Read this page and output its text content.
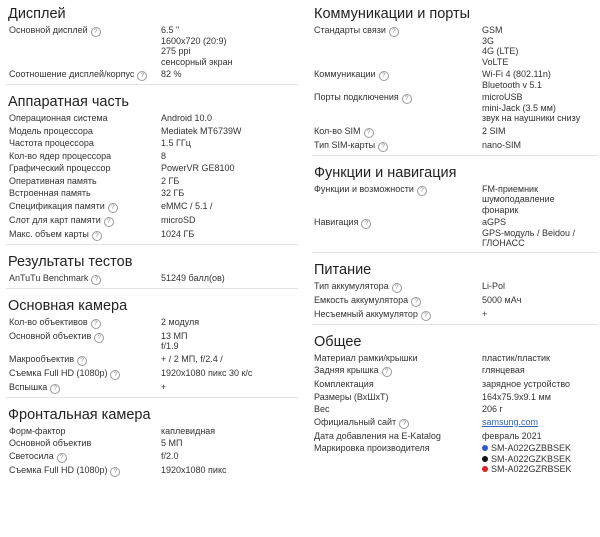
Дисплей
Основной дисплей ?	6.5 "
1600x720 (20:9)
275 ppi
сенсорный экран
Соотношение дисплей/корпус ?	82 %
Аппаратная часть
Операционная система	Android 10.0
Модель процессора	Mediatek MT6739W
Частота процессора	1.5 ГГц
Кол-во ядер процессора	8
Графический процессор	PowerVR GE8100
Оперативная память	2 ГБ
Встроенная память	32 ГБ
Спецификация памяти ?	eMMC / 5.1 /
Слот для карт памяти ?	microSD
Макс. объем карты ?	1024 ГБ
Результаты тестов
AnTuTu Benchmark ?	51249 балл(ов)
Основная камера
Кол-во объективов ?	2 модуля
Основной объектив ?	13 МП
f/1.9
Макрообъектив ?	+ / 2 МП, f/2.4 /
Съемка Full HD (1080p) ?	1920x1080 пикс 30 к/с
Вспышка ?	+
Фронтальная камера
Форм-фактор	каплевидная
Основной объектив	5 МП
Светосила ?	f/2.0
Съемка Full HD (1080p) ?	1920x1080 пикс
Коммуникации и порты
Стандарты связи ?	GSM
3G
4G (LTE)
VoLTE
Коммуникации ?	Wi-Fi 4 (802.11n)
Bluetooth v 5.1
Порты подключения ?	microUSB
mini-Jack (3.5 мм)
звук на наушники снизу
Кол-во SIM ?	2 SIM
Тип SIM-карты ?	nano-SIM
Функции и навигация
Функции и возможности ?	FM-приемник
шумоподавление
фонарик
Навигация ?	aGPS
GPS-модуль / Beidou /
ГЛОНАСС
Питание
Тип аккумулятора ?	Li-Pol
Емкость аккумулятора ?	5000 мАч
Несъемный аккумулятор ?	+
Общее
Материал рамки/крышки	пластик/пластик
Задняя крышка ?	глянцевая
Комплектация	зарядное устройство
Размеры (ВхШхТ)	164x75.9x9.1 мм
Вес	206 г
Официальный сайт ?	samsung.com
Дата добавления на E-Katalog	февраль 2021
Маркировка производителя	SM-A022GZBBSEK
SM-A022GZKBSEK
SM-A022GZRBSEK
